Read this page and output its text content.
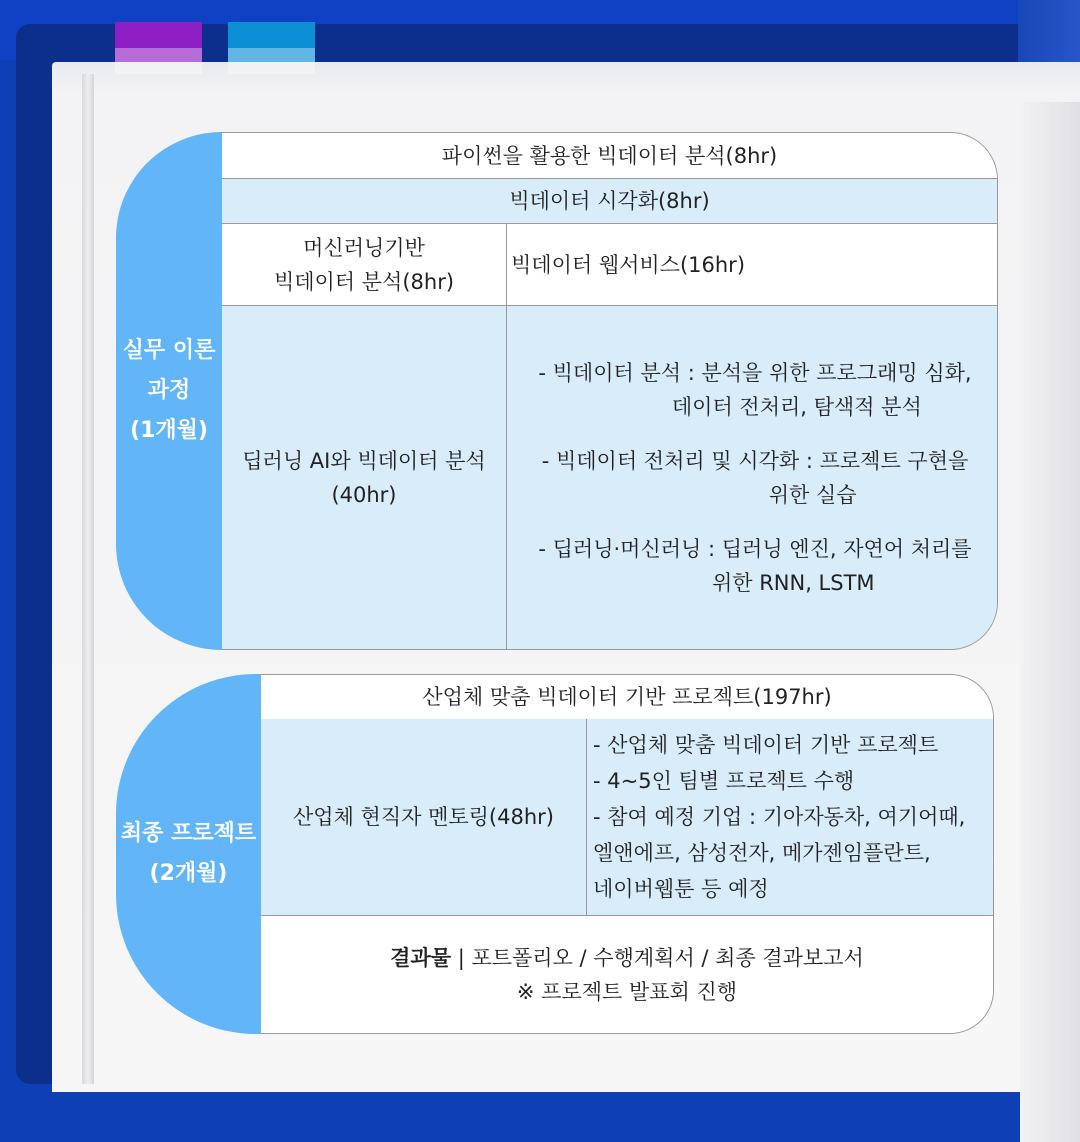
실무 이론
과정
(1개월)
파이썬을 활용한 빅데이터 분석(8hr)
빅데이터 시각화(8hr)
머신러닝기반
빅데이터 분석(8hr)
빅데이터 웹서비스(16hr)
딥러닝 AI와 빅데이터 분석
(40hr)
- 빅데이터 분석 : 분석을 위한 프로그래밍 심화,
데이터 전처리, 탐색적 분석
- 빅데이터 전처리 및 시각화 : 프로젝트 구현을
위한 실습
- 딥러닝·머신러닝 : 딥러닝 엔진, 자연어 처리를
위한 RNN, LSTM
최종 프로젝트
(2개월)
산업체 맞춤 빅데이터 기반 프로젝트(197hr)
산업체 현직자 멘토링(48hr)
- 산업체 맞춤 빅데이터 기반 프로젝트
- 4~5인 팀별 프로젝트 수행
- 참여 예정 기업 : 기아자동차, 여기어때,
엘앤에프, 삼성전자, 메가젠임플란트,
네이버웹툰 등 예정
결과물 | 포트폴리오 / 수행계획서 / 최종 결과보고서
※ 프로젝트 발표회 진행
